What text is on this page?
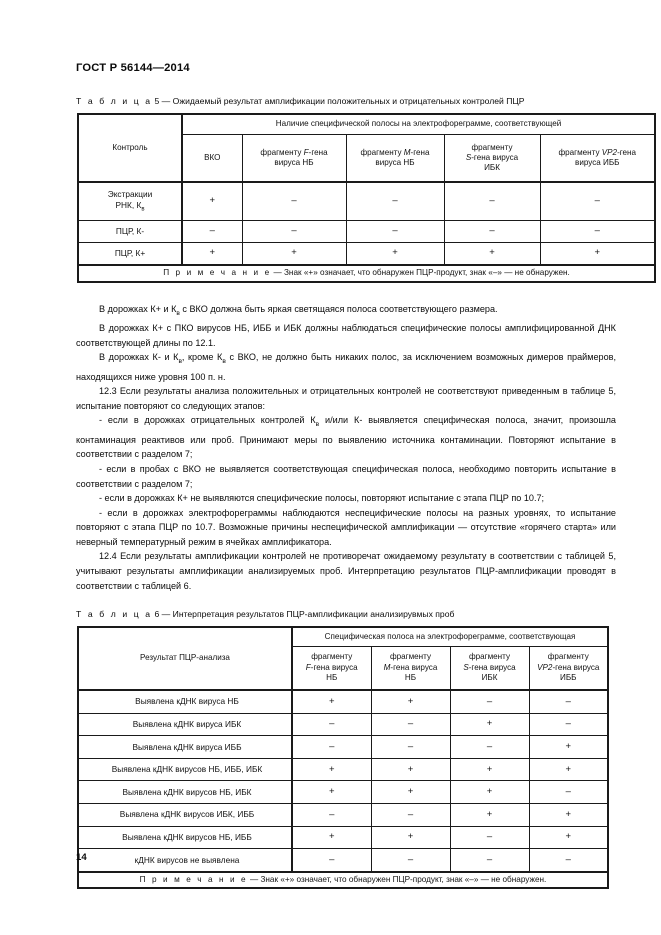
ГОСТ Р 56144—2014
Т а б л и ц а 5 — Ожидаемый результат амплификации положительных и отрицательных контролей ПЦР
Контроль	Наличие специфической полосы на электрофореграмме, соответствующей				
	ВКО	фрагменту F-гена
вируса НБ	фрагменту M-гена
вируса НБ	фрагменту
S-гена вируса
ИБК	фрагменту VP2-гена
вируса ИББ
Экстракции
РНК, $К_в$	+	–	–	–	–
ПЦР, К-	–	–	–	–	–
ПЦР, К+	+	+	+	+	+
П р и м е ч а н и е — Знак «+» означает, что обнаружен ПЦР-продукт, знак «–» — не обнаружен.					

В дорожках К+ и $К_в$ с ВКО должна быть яркая светящаяся полоса соответствующего размера.

В дорожках К+ с ПКО вирусов НБ, ИББ и ИБК должны наблюдаться специфические полосы амплифицированной ДНК соответствующей длины по 12.1.

В дорожках К- и $К_в$, кроме $К_в$ с ВКО, не должно быть никаких полос, за исключением возможных димеров праймеров, находящихся ниже уровня 100 п. н.

12.3 Если результаты анализа положительных и отрицательных контролей не соответствуют приведенным в таблице 5, испытание повторяют со следующих этапов:

- если в дорожках отрицательных контролей $К_в$ и/или К- выявляется специфическая полоса, значит, произошла контаминация реактивов или проб. Принимают меры по выявлению источника контаминации. Повторяют испытание в соответствии с разделом 7;

- если в пробах с ВКО не выявляется соответствующая специфическая полоса, необходимо повторить испытание в соответствии с разделом 7;

- если в дорожках К+ не выявляются специфические полосы, повторяют испытание с этапа ПЦР по 10.7;

- если в дорожках электрофореграммы наблюдаются неспецифические полосы на разных уровнях, то испытание повторяют с этапа ПЦР по 10.7. Возможные причины неспецифической амплификации — отсутствие «горячего старта» или неверный температурный режим в ячейках амплификатора.

12.4 Если результаты амплификации контролей не противоречат ожидаемому результату в соответствии с таблицей 5, учитывают результаты амплификации анализируемых проб. Интерпретацию результатов ПЦР-амплификации проводят в соответствии с таблицей 6.

Т а б л и ц а 6 — Интерпретация результатов ПЦР-амплификации анализирувмых проб
Результат ПЦР-анализа	Специфическая полоса на электрофореграмме, соответствующая			
	фрагменту
F-гена вируса
НБ	фрагменту
M-гена вируса
НБ	фрагменту
S-гена вируса
ИБК	фрагменту
VP2-гена вируса
ИББ
Выявлена кДНК вируса НБ	+	+	–	–
Выявлена кДНК вируса ИБК	–	–	+	–
Выявлена кДНК вируса ИББ	–	–	–	+
Выявлена кДНК вирусов НБ, ИББ, ИБК	+	+	+	+
Выявлена кДНК вирусов НБ, ИБК	+	+	+	–
Выявлена кДНК вирусов ИБК, ИББ	–	–	+	+
Выявлена кДНК вирусов НБ, ИББ	+	+	–	+
кДНК вирусов не выявлена	–	–	–	–
П р и м е ч а н и е — Знак «+» означает, что обнаружен ПЦР-продукт, знак «–» — не обнаружен.				
14
